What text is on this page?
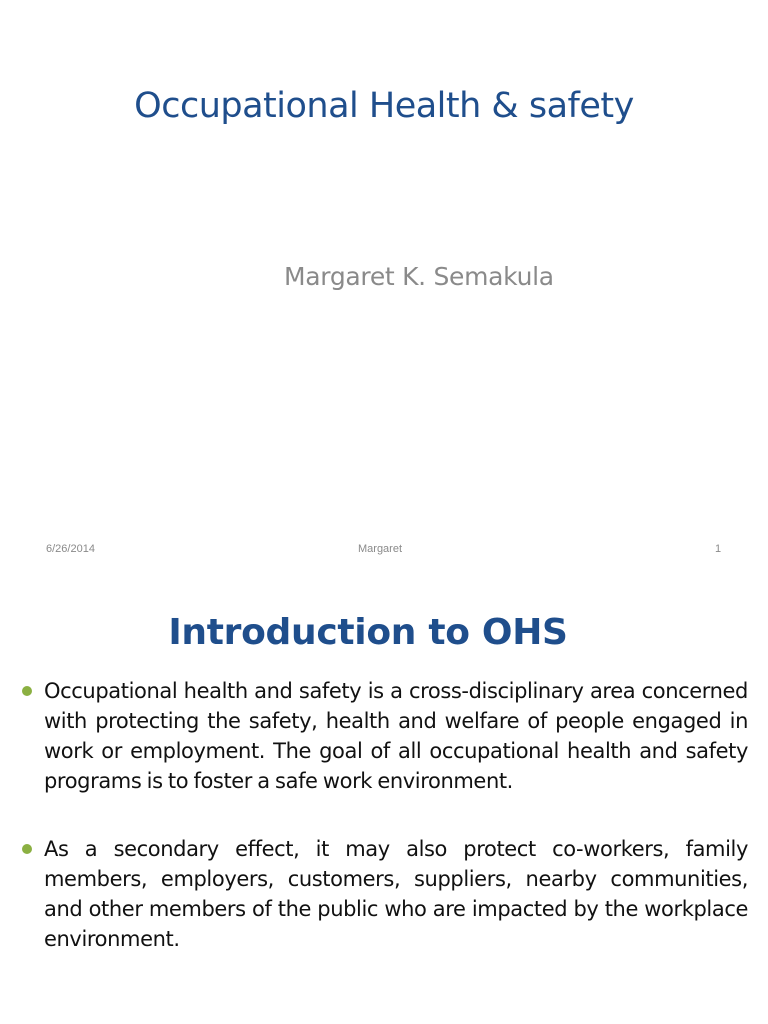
Occupational Health & safety

Margaret K. Semakula

6/26/2014	Margaret	1
Introduction to OHS
Occupational health and safety is a cross-disciplinary area concerned with protecting the safety, health and welfare of people engaged in work or employment. The goal of all occupational health and safety programs is to foster a safe work environment.
As a secondary effect, it may also protect co-workers, family members, employers, customers, suppliers, nearby communities, and other members of the public who are impacted by the workplace environment.
